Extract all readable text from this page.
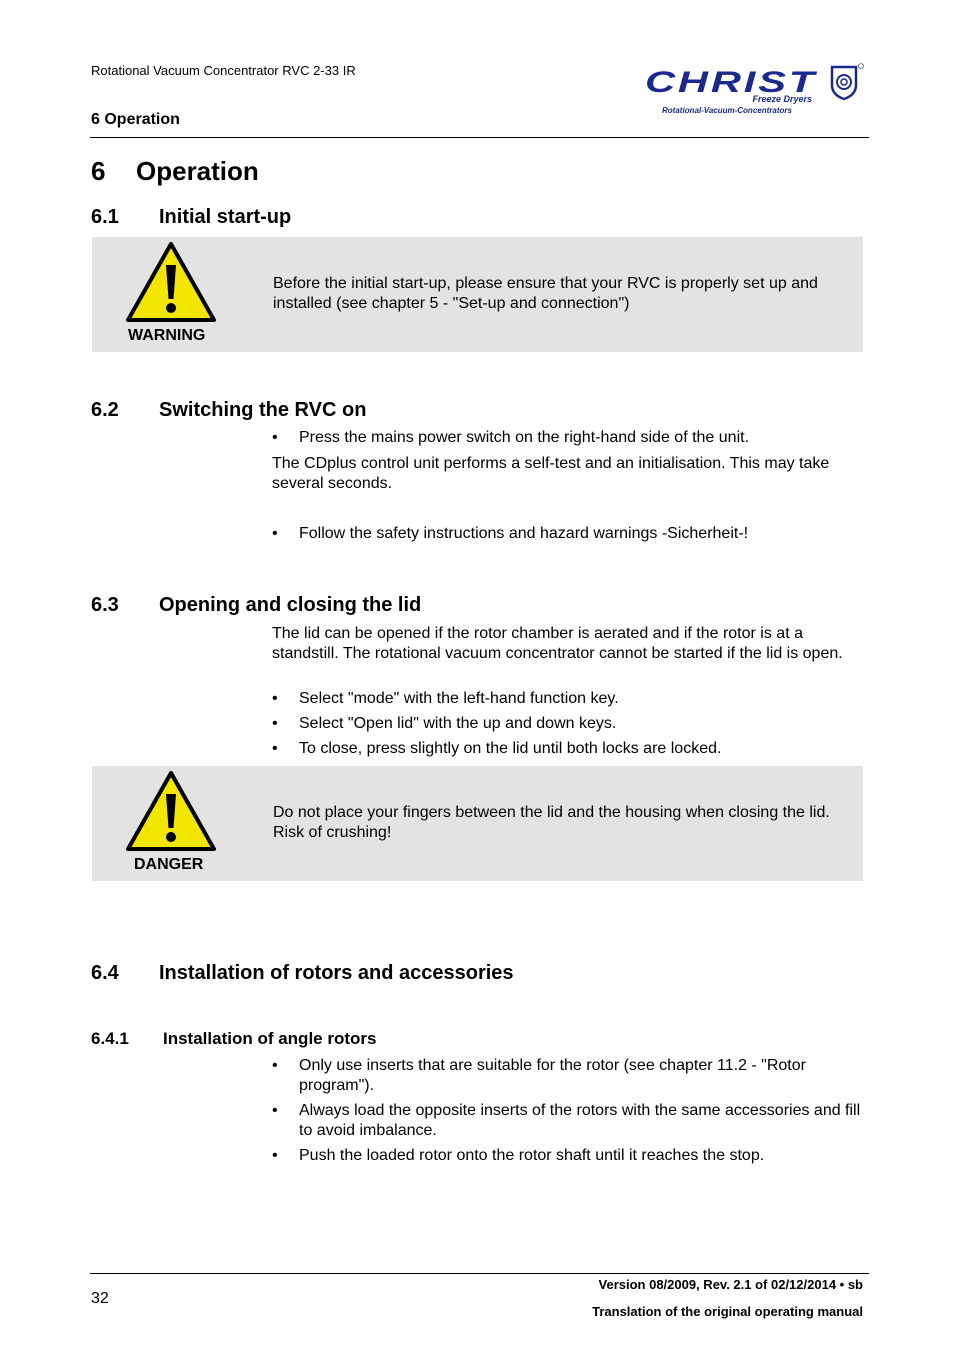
Rotational Vacuum Concentrator RVC 2-33 IR
6 Operation
CHRIST
Freeze Dryers
Rotational-Vacuum-Concentrators
6 Operation
6.1 Initial start-up
WARNING
Before the initial start-up, please ensure that your RVC is properly set up and installed (see chapter 5 - "Set-up and connection")
6.2 Switching the RVC on
• Press the mains power switch on the right-hand side of the unit.
The CDplus control unit performs a self-test and an initialisation. This may take several seconds.
• Follow the safety instructions and hazard warnings -Sicherheit-!
6.3 Opening and closing the lid
The lid can be opened if the rotor chamber is aerated and if the rotor is at a standstill. The rotational vacuum concentrator cannot be started if the lid is open.
• Select "mode" with the left-hand function key.
• Select "Open lid" with the up and down keys.
• To close, press slightly on the lid until both locks are locked.
DANGER
Do not place your fingers between the lid and the housing when closing the lid. Risk of crushing!
6.4 Installation of rotors and accessories
6.4.1 Installation of angle rotors
• Only use inserts that are suitable for the rotor (see chapter 11.2 - "Rotor program").
• Always load the opposite inserts of the rotors with the same accessories and fill to avoid imbalance.
• Push the loaded rotor onto the rotor shaft until it reaches the stop.
32
Version 08/2009, Rev. 2.1 of 02/12/2014 • sb
Translation of the original operating manual
